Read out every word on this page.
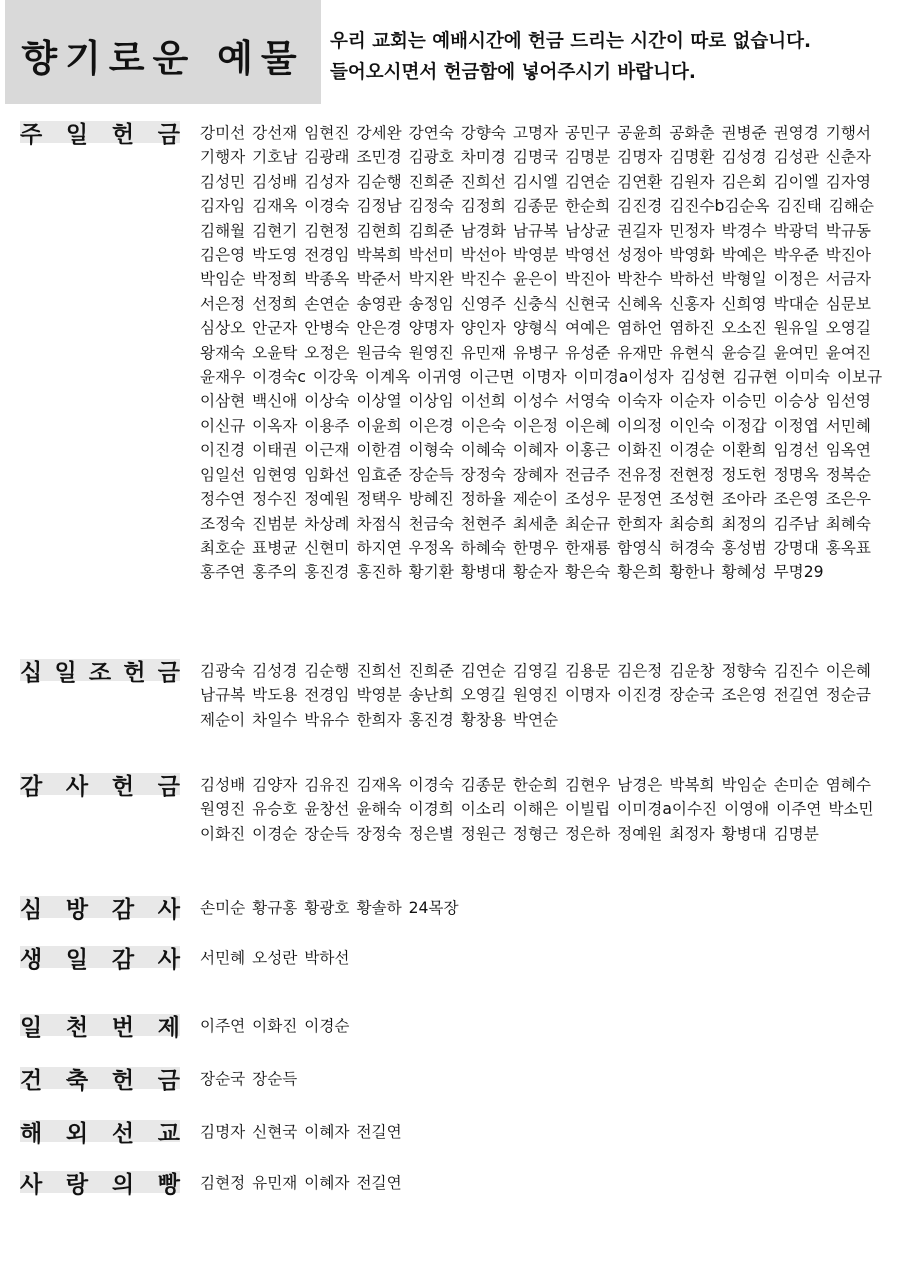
향기로운 예물	우리 교회는 예배시간에 헌금 드리는 시간이 따로 없습니다.
들어오시면서 헌금함에 넣어주시기 바랍니다.
주 일 헌 금 강미선 강선재 임현진 강세완 강연숙 강향숙 고명자 공민구 공윤희 공화춘 권병준 권영경 기행서 기행자 기호남 김광래 조민경 김광호 차미경 김명국 김명분 김명자 김명환 김성경 김성관 신춘자 김성민 김성배 김성자 김순행 진희준 진희선 김시엘 김연순 김연환 김원자 김은회 김이엘 김자영 김자임 김재옥 이경숙 김정남 김정숙 김정희 김종문 한순희 김진경 김진수b김순옥 김진태 김해순 김해월 김현기 김현정 김현희 김희준 남경화 남규복 남상균 권길자 민정자 박경수 박광덕 박규동 김은영 박도영 전경임 박복희 박선미 박선아 박영분 박영선 성정아 박영화 박예은 박우준 박진아 박임순 박정희 박종옥 박준서 박지완 박진수 윤은이 박진아 박찬수 박하선 박형일 이정은 서금자 서은정 선정희 손연순 송영관 송정임 신영주 신충식 신현국 신혜옥 신홍자 신희영 박대순 심문보 심상오 안군자 안병숙 안은경 양명자 양인자 양형식 여예은 염하언 염하진 오소진 원유일 오영길 왕재숙 오윤탁 오정은 원금숙 원영진 유민재 유병구 유성준 유재만 유현식 윤승길 윤여민 윤여진 윤재우 이경숙c 이강욱 이계옥 이귀영 이근면 이명자 이미경a이성자 김성현 김규현 이미숙 이보규 이삼현 백신애 이상숙 이상열 이상임 이선희 이성수 서영숙 이숙자 이순자 이승민 이승상 임선영 이신규 이옥자 이용주 이윤희 이은경 이은숙 이은정 이은혜 이의정 이인숙 이정갑 이정엽 서민혜 이진경 이태권 이근재 이한겸 이형숙 이혜숙 이혜자 이홍근 이화진 이경순 이환희 임경선 임옥연 임일선 임현영 임화선 임효준 장순득 장정숙 장혜자 전금주 전유정 전현정 정도헌 정명옥 정복순 정수연 정수진 정예원 정택우 방혜진 정하율 제순이 조성우 문정연 조성현 조아라 조은영 조은우 조정숙 진범분 차상례 차점식 천금숙 천현주 최세춘 최순규 한희자 최승희 최정의 김주남 최혜숙 최호순 표병균 신현미 하지연 우정옥 하혜숙 한명우 한재룡 함영식 허경숙 홍성범 강명대 홍옥표 홍주연 홍주의 홍진경 홍진하 황기환 황병대 황순자 황은숙 황은희 황한나 황혜성 무명29
십 일 조 헌 금 김광숙 김성경 김순행 진희선 진희준 김연순 김영길 김용문 김은정 김운창 정향숙 김진수 이은혜 남규복 박도용 전경임 박영분 송난희 오영길 원영진 이명자 이진경 장순국 조은영 전길연 정순금 제순이 차일수 박유수 한희자 홍진경 황창용 박연순
감 사 헌 금 김성배 김양자 김유진 김재옥 이경숙 김종문 한순희 김현우 남경은 박복희 박임순 손미순 염혜수 원영진 유승호 윤창선 윤해숙 이경희 이소리 이해은 이빌립 이미경a이수진 이영애 이주연 박소민 이화진 이경순 장순득 장정숙 정은별 정원근 정형근 정은하 정예원 최정자 황병대 김명분
심 방 감 사 손미순 황규홍 황광호 황솔하 24목장
생 일 감 사 서민혜 오성란 박하선
일 천 번 제 이주연 이화진 이경순
건 축 헌 금 장순국 장순득
해 외 선 교 김명자 신현국 이혜자 전길연
사 랑 의 빵 김현정 유민재 이혜자 전길연
